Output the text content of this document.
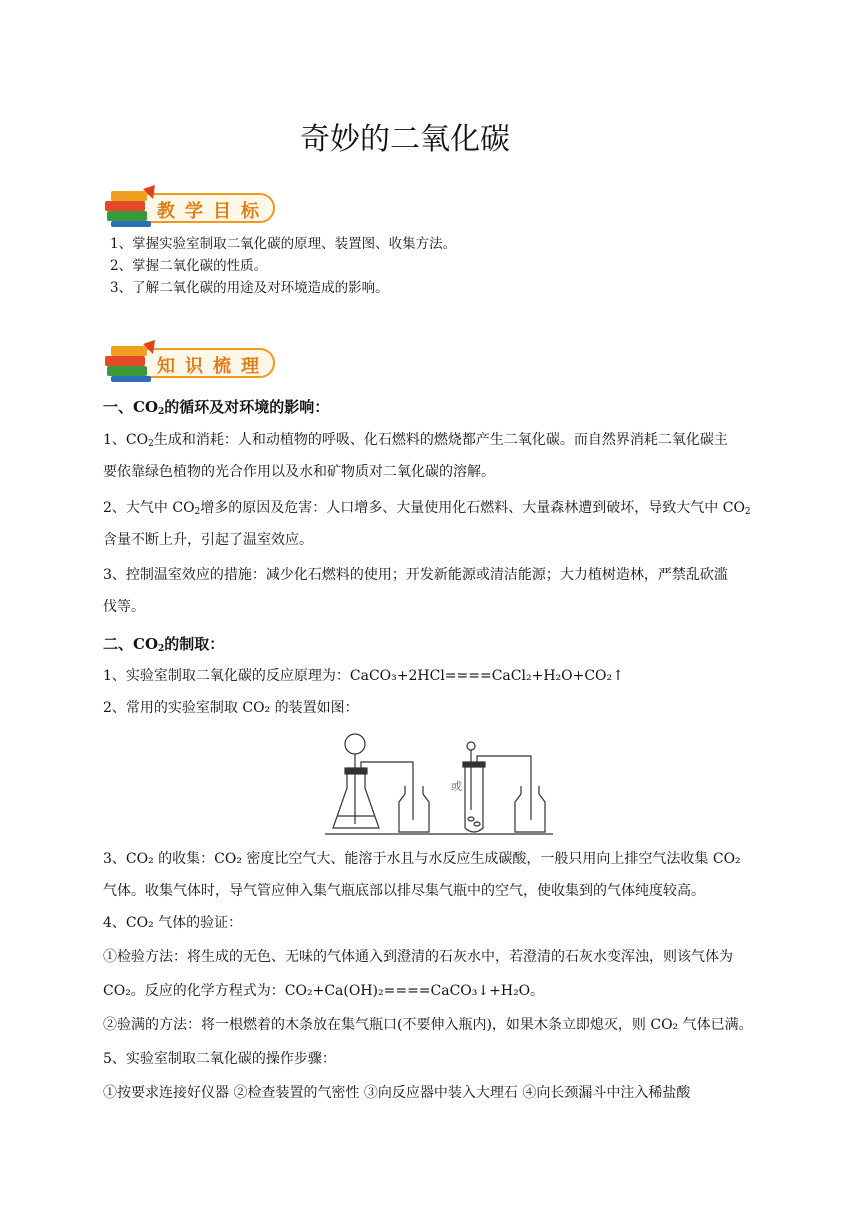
奇妙的二氧化碳
教学目标
1、掌握实验室制取二氧化碳的原理、装置图、收集方法。
2、掌握二氧化碳的性质。
3、了解二氧化碳的用途及对环境造成的影响。
知识梳理
一、$CO_2$的循环及对环境的影响：
1、$CO_2$生成和消耗：人和动植物的呼吸、化石燃料的燃烧都产生二氧化碳。而自然界消耗二氧化碳主
要依靠绿色植物的光合作用以及水和矿物质对二氧化碳的溶解。
2、大气中 $CO_2$增多的原因及危害：人口增多、大量使用化石燃料、大量森林遭到破坏，导致大气中 $CO_2$
含量不断上升，引起了温室效应。
3、控制温室效应的措施：减少化石燃料的使用；开发新能源或清洁能源；大力植树造林，严禁乱砍滥
伐等。
二、$CO_2$的制取：
1、实验室制取二氧化碳的反应原理为：CaCO₃+2HCl====CaCl₂+H₂O+CO₂↑
2、常用的实验室制取 CO₂ 的装置如图：
或
3、CO₂ 的收集：CO₂ 密度比空气大、能溶于水且与水反应生成碳酸，一般只用向上排空气法收集 CO₂
气体。收集气体时，导气管应伸入集气瓶底部以排尽集气瓶中的空气，使收集到的气体纯度较高。
4、CO₂ 气体的验证：
①检验方法：将生成的无色、无味的气体通入到澄清的石灰水中，若澄清的石灰水变浑浊，则该气体为
CO₂。反应的化学方程式为：CO₂+Ca(OH)₂====CaCO₃↓+H₂O。
②验满的方法：将一根燃着的木条放在集气瓶口(不要伸入瓶内)，如果木条立即熄灭，则 CO₂ 气体已满。
5、实验室制取二氧化碳的操作步骤：
①按要求连接好仪器 ②检查装置的气密性 ③向反应器中装入大理石 ④向长颈漏斗中注入稀盐酸
